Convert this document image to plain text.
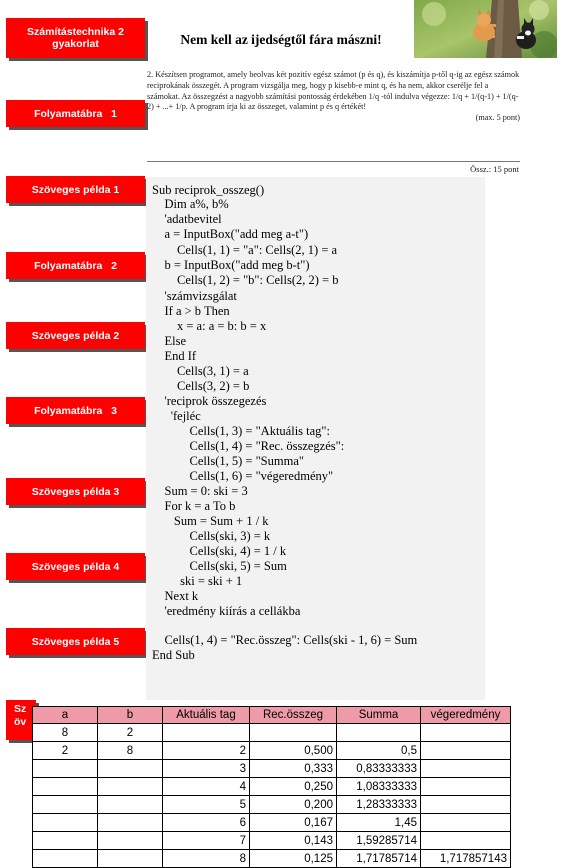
Számítástechnika 2 gyakorlat
Folyamatábra   1
Szöveges példa 1
Folyamatábra   2
Szöveges példa 2
Folyamatábra   3
Szöveges példa 3
Szöveges példa 4
Szöveges példa 5
Nem kell az ijedségtől fára mászni!
2. Készítsen programot, amely beolvas két pozitív egész számot (p és q), és kiszámítja p-től q-ig az egész számok reciprokának összegét. A program vizsgálja meg, hogy p kisebb-e mint q, és ha nem, akkor cserélje fel a számokat. Az összegzést a nagyobb számítási pontosság érdekében 1/q -tól indulva végezze: 1/q + 1/(q-1) + 1/(q-2) + ...+ 1/p. A program írja ki az összeget, valamint p és q értékét!
(max. 5 pont)
Össz.: 15 pont
Sub reciprok_osszeg()
Dim a%, b%
'adatbevitel
a = InputBox("add meg a-t")
Cells(1, 1) = "a": Cells(2, 1) = a
b = InputBox("add meg b-t")
Cells(1, 2) = "b": Cells(2, 2) = b
'számvizsgálat
If a > b Then
x = a: a = b: b = x
Else
End If
Cells(3, 1) = a
Cells(3, 2) = b
'reciprok összegezés
'fejléc
Cells(1, 3) = "Aktuális tag":
Cells(1, 4) = "Rec. összegzés":
Cells(1, 5) = "Summa"
Cells(1, 6) = "végeredmény"
Sum = 0: ski = 3
For k = a To b
Sum = Sum + 1 / k
Cells(ski, 3) = k
Cells(ski, 4) = 1 / k
Cells(ski, 5) = Sum
ski = ski + 1
Next k
'eredmény kiírás a cellákba
Cells(1, 4) = "Rec.összeg": Cells(ski - 1, 6) = Sum
End Sub
Sz
öv
a	b	Aktuális tag	Rec.összeg	Summa	végeredmény
8	2				
2	8	2	0,500	0,5	
		3	0,333	0,83333333	
		4	0,250	1,08333333	
		5	0,200	1,28333333	
		6	0,167	1,45	
		7	0,143	1,59285714	
		8	0,125	1,71785714	1,717857143
